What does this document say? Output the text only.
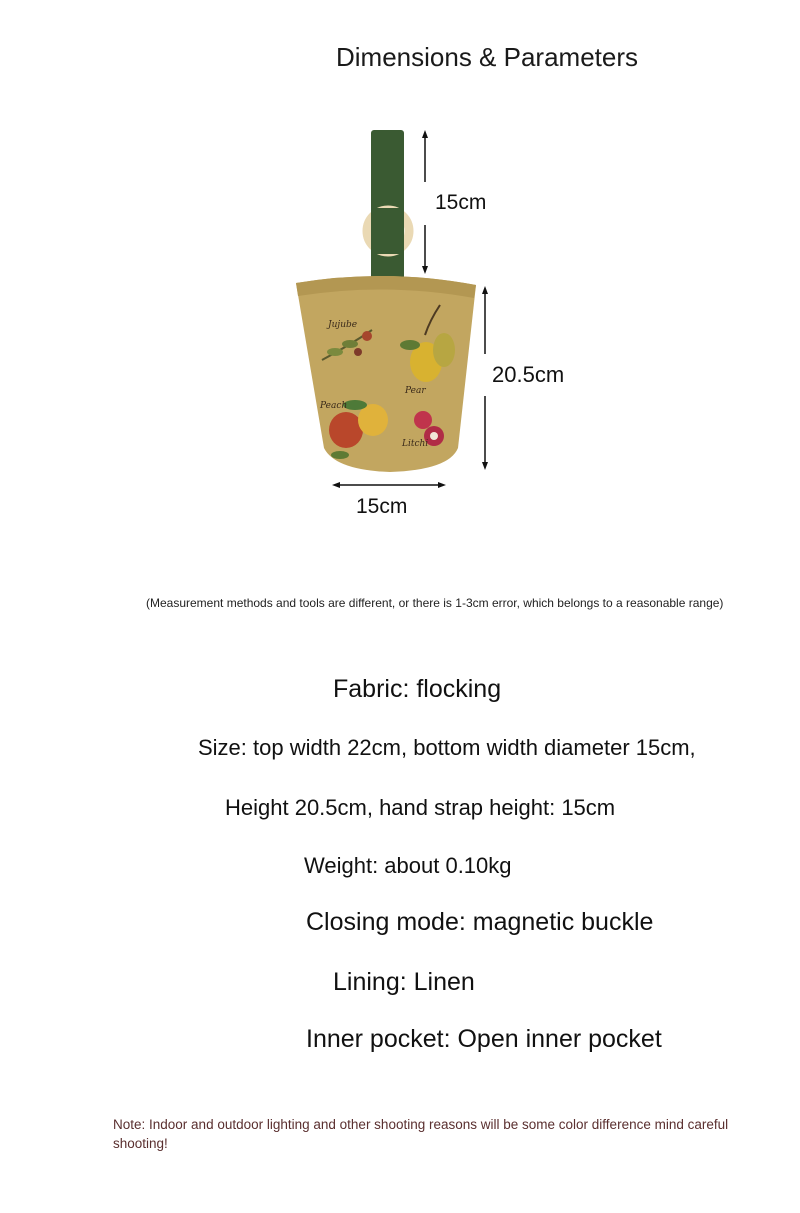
Dimensions & Parameters
Jujube
Pear
Peach
Litchi
15cm
20.5cm
15cm
(Measurement methods and tools are different, or there is 1-3cm error, which belongs to a reasonable range)
Fabric: flocking
Size: top width 22cm, bottom width diameter 15cm,
Height 20.5cm, hand strap height: 15cm
Weight: about 0.10kg
Closing mode: magnetic buckle
Lining: Linen
Inner pocket: Open inner pocket
Note: Indoor and outdoor lighting and other shooting reasons will be some color difference mind careful shooting!
